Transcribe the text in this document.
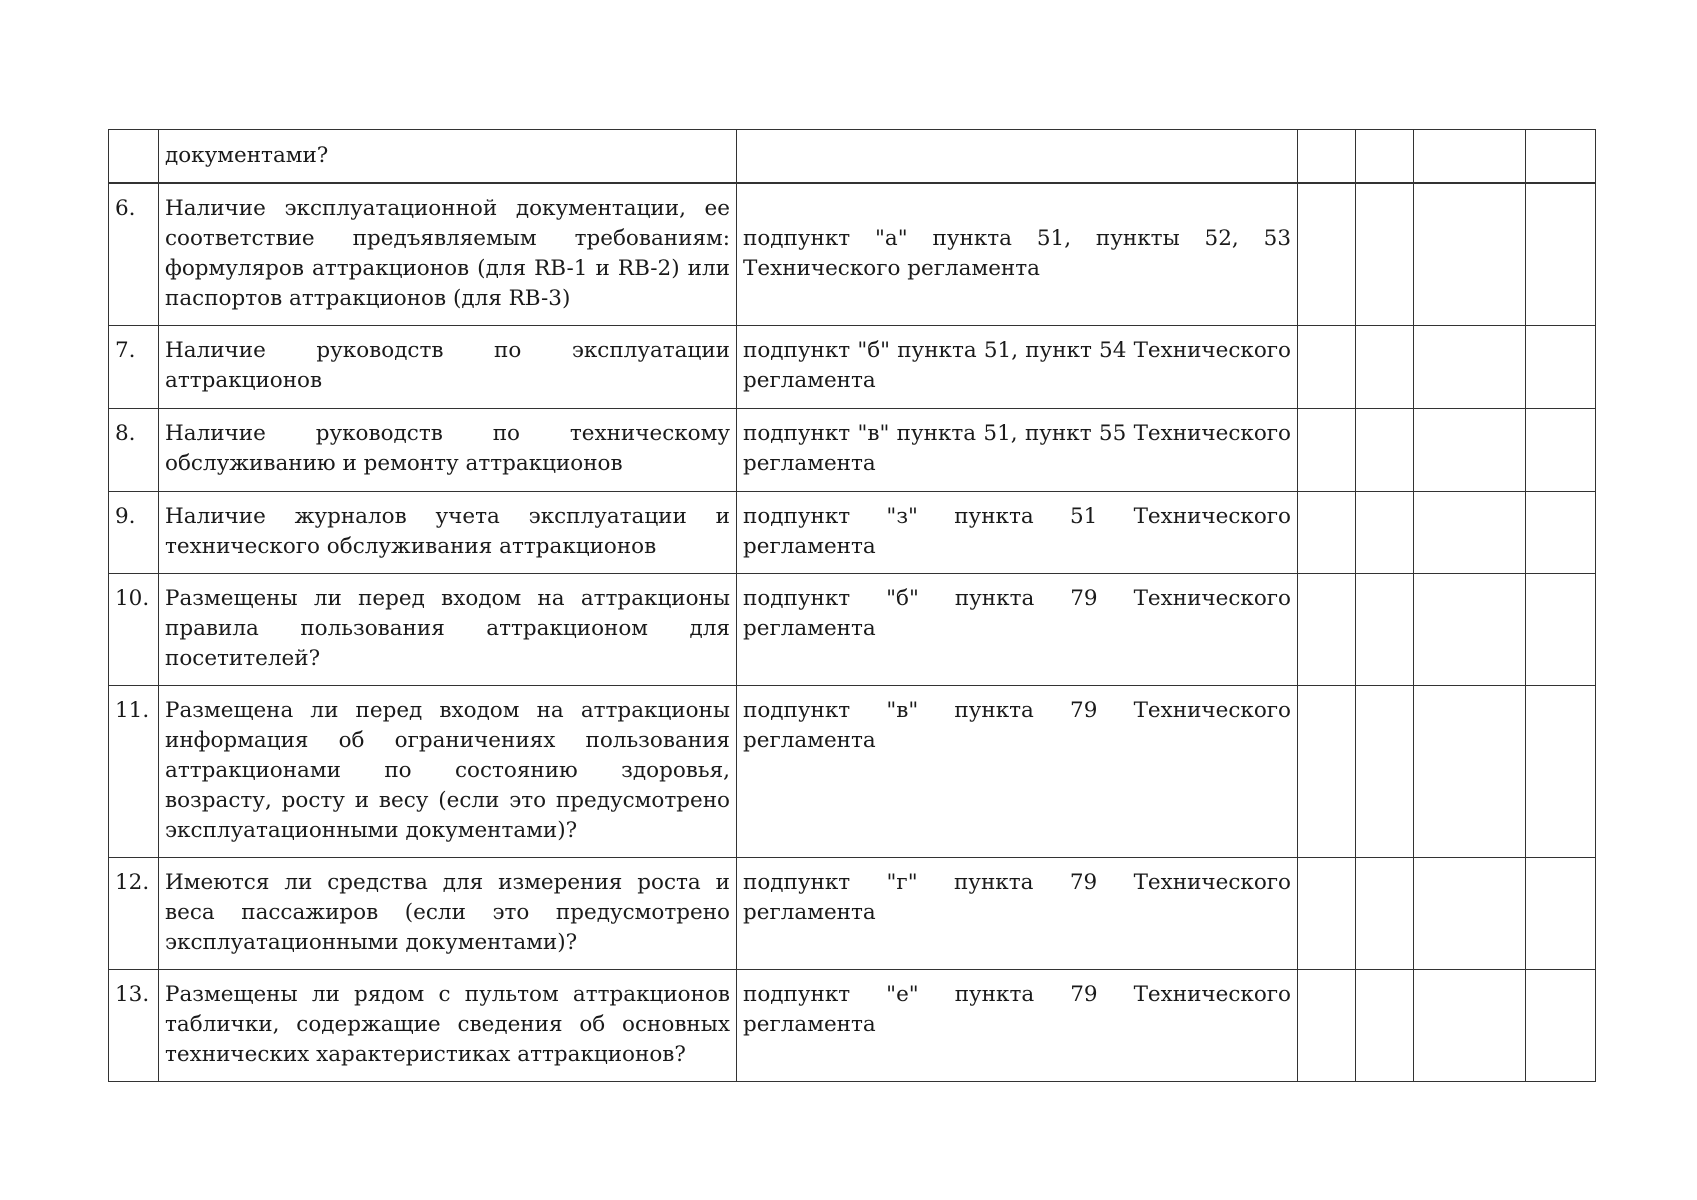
	документами?					

6.	Наличие эксплуатационной документации, ее соответствие предъявляемым требованиям: формуляров аттракционов (для RB-1 и RB-2) или паспортов аттракционов (для RB-3)	подпункт "а" пункта 51, пункты 52, 53 Технического регламента				

7.	Наличие руководств по эксплуатации аттракционов	подпункт "б" пункта 51, пункт 54 Технического регламента				

8.	Наличие руководств по техническому обслуживанию и ремонту аттракционов	подпункт "в" пункта 51, пункт 55 Технического регламента				

9.	Наличие журналов учета эксплуатации и технического обслуживания аттракционов	подпункт "з" пункта 51 Технического регламента				

10.	Размещены ли перед входом на аттракционы правила пользования аттракционом для посетителей?	подпункт "б" пункта 79 Технического регламента				

11.	Размещена ли перед входом на аттракционы информация об ограничениях пользования аттракционами по состоянию здоровья, возрасту, росту и весу (если это предусмотрено эксплуатационными документами)?	подпункт "в" пункта 79 Технического регламента				

12.	Имеются ли средства для измерения роста и веса пассажиров (если это предусмотрено эксплуатационными документами)?	подпункт "г" пункта 79 Технического регламента				

13.	Размещены ли рядом с пультом аттракционов таблички, содержащие сведения об основных технических характеристиках аттракционов?	подпункт "е" пункта 79 Технического регламента				
